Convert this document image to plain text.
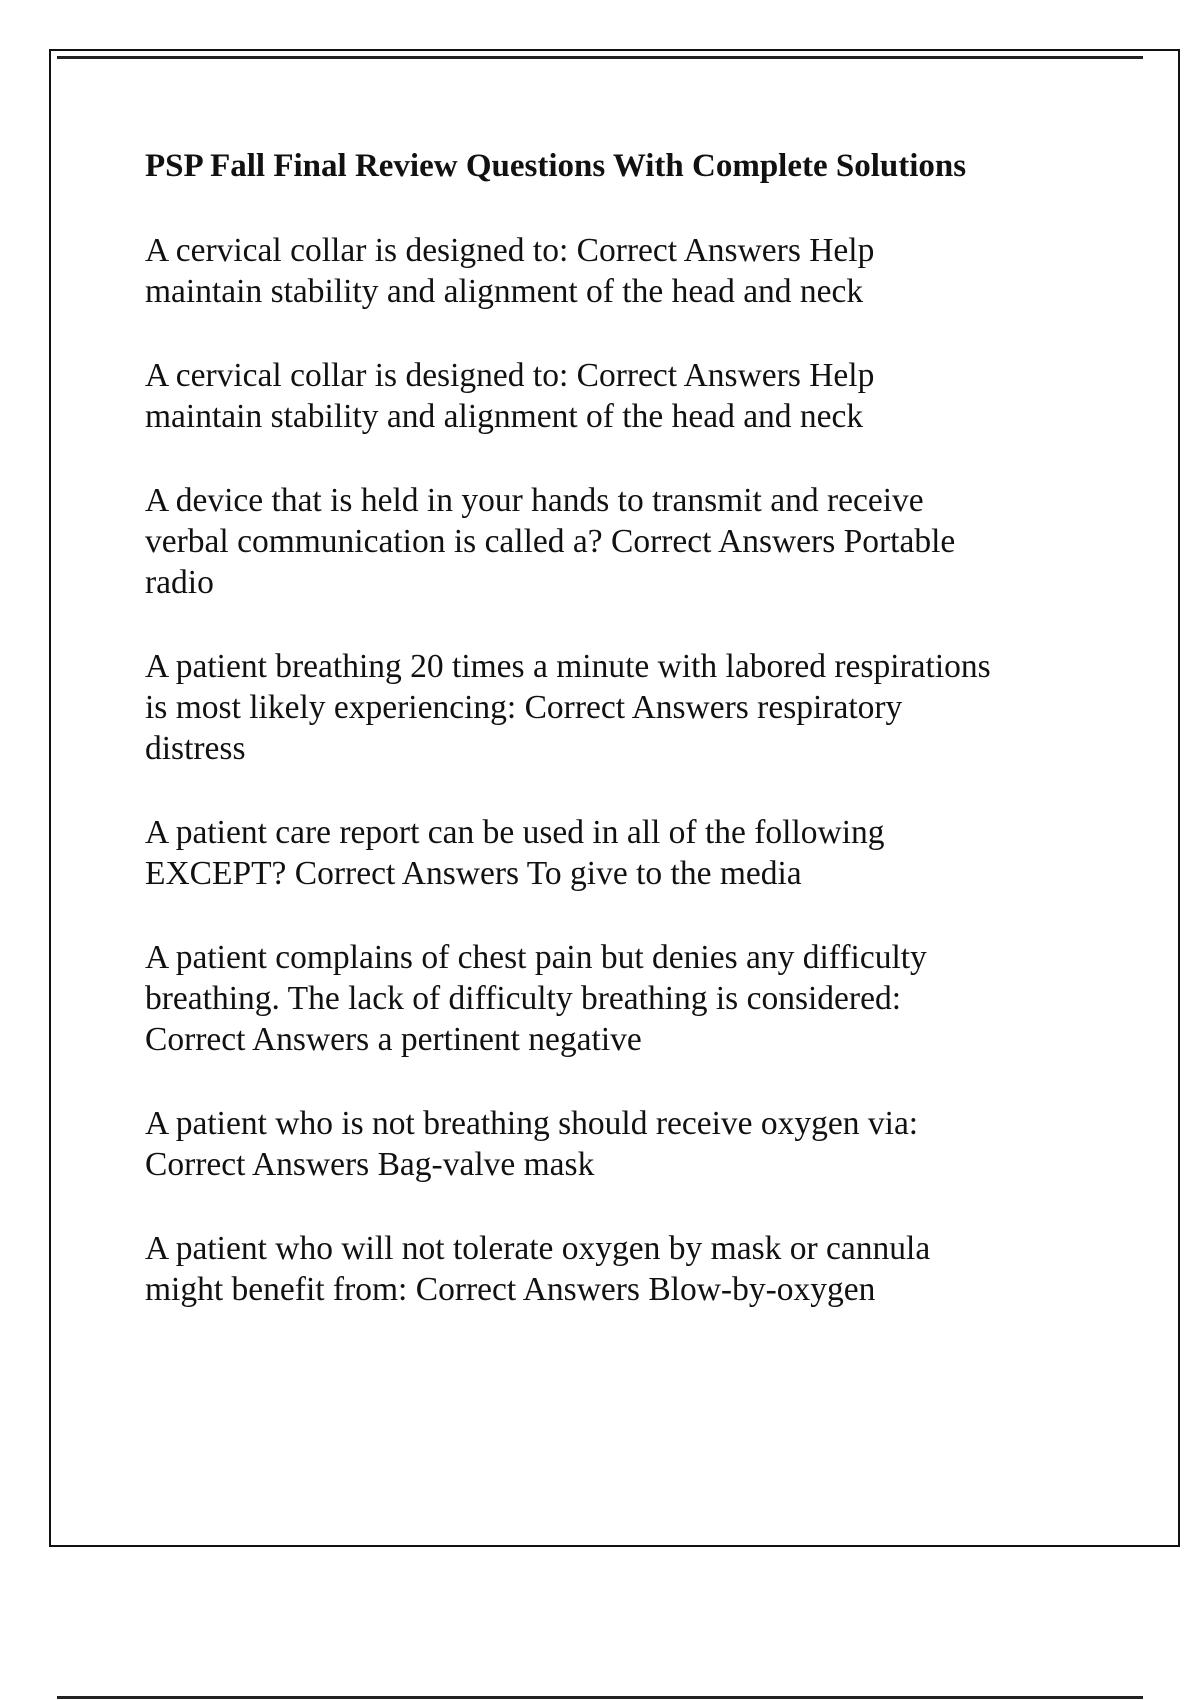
PSP Fall Final Review Questions With Complete Solutions
A cervical collar is designed to: Correct Answers Help
maintain stability and alignment of the head and neck
A cervical collar is designed to: Correct Answers Help
maintain stability and alignment of the head and neck
A device that is held in your hands to transmit and receive
verbal communication is called a? Correct Answers Portable
radio
A patient breathing 20 times a minute with labored respirations
is most likely experiencing: Correct Answers respiratory
distress
A patient care report can be used in all of the following
EXCEPT? Correct Answers To give to the media
A patient complains of chest pain but denies any difficulty
breathing. The lack of difficulty breathing is considered:
Correct Answers a pertinent negative
A patient who is not breathing should receive oxygen via:
Correct Answers Bag-valve mask
A patient who will not tolerate oxygen by mask or cannula
might benefit from: Correct Answers Blow-by-oxygen
